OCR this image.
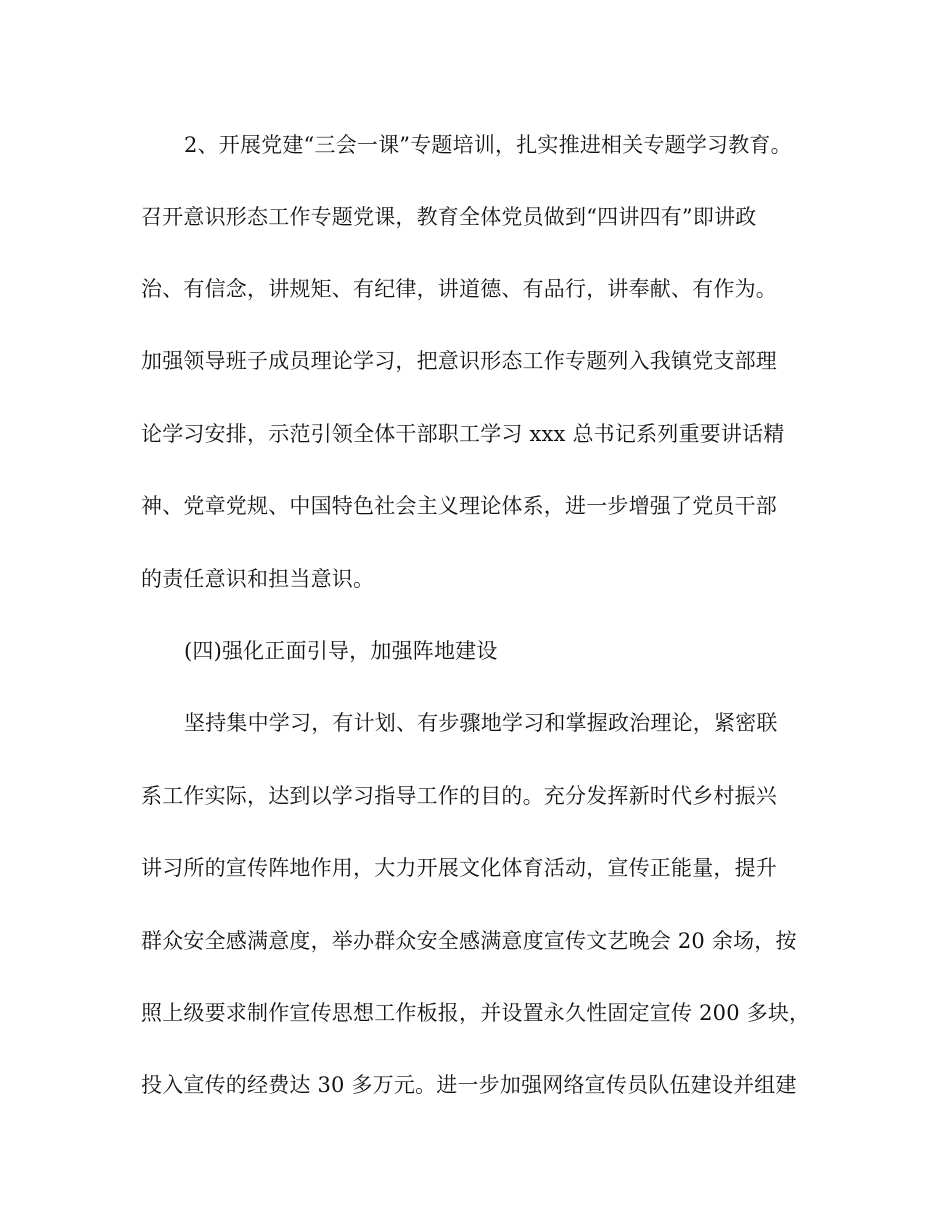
2、开展党建“三会一课”专题培训，扎实推进相关专题学习教育。
召开意识形态工作专题党课，教育全体党员做到“四讲四有”即讲政
治、有信念，讲规矩、有纪律，讲道德、有品行，讲奉献、有作为。
加强领导班子成员理论学习，把意识形态工作专题列入我镇党支部理
论学习安排，示范引领全体干部职工学习 xxx 总书记系列重要讲话精
神、党章党规、中国特色社会主义理论体系，进一步增强了党员干部
的责任意识和担当意识。
(四)强化正面引导，加强阵地建设
坚持集中学习，有计划、有步骤地学习和掌握政治理论，紧密联
系工作实际，达到以学习指导工作的目的。充分发挥新时代乡村振兴
讲习所的宣传阵地作用，大力开展文化体育活动，宣传正能量，提升
群众安全感满意度，举办群众安全感满意度宣传文艺晚会 20 余场，按
照上级要求制作宣传思想工作板报，并设置永久性固定宣传 200 多块，
投入宣传的经费达 30 多万元。进一步加强网络宣传员队伍建设并组建
